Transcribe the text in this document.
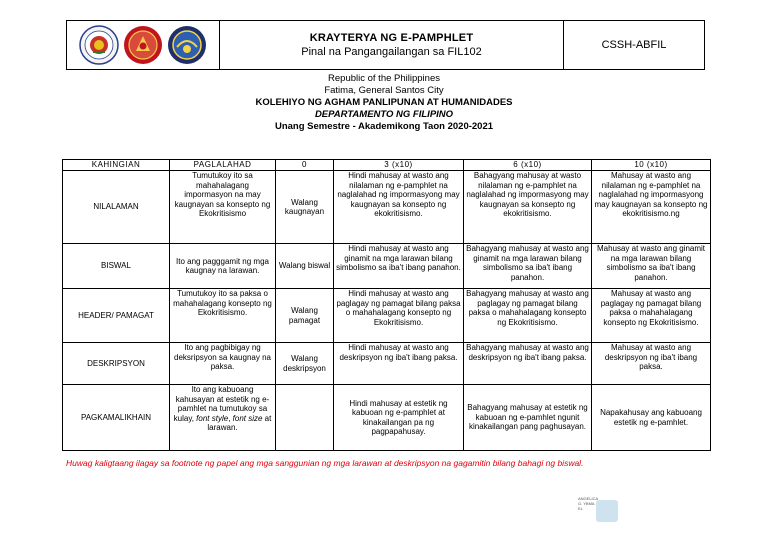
KRAYTERYA NG E-PAMPHLET
Pinal na Pangangailangan sa FIL102
CSSH-ABFIL
Republic of the Philippines
Fatima, General Santos City
KOLEHIYO NG AGHAM PANLIPUNAN AT HUMANIDADES
DEPARTAMENTO NG FILIPINO
Unang Semestre - Akademikong Taon 2020-2021
KAHINGIAN	PAGLALAHAD	0	3 (x10)	6 (x10)	10 (x10)
NILALAMAN	Tumutukoy ito sa mahahalagang impormasyon na may kaugnayan sa konsepto ng Ekokritisismo	Walang kaugnayan	Hindi mahusay at wasto ang nilalaman ng e-pamphlet na naglalahad ng impormasyong may kaugnayan sa konsepto ng ekokritisismo.	Bahagyang mahusay at wasto nilalaman ng e-pamphlet na naglalahad ng impormasyong may kaugnayan sa konsepto ng ekokritisismo.	Mahusay at wasto ang nilalaman ng e-pamphlet na naglalahad ng impormasyong may kaugnayan sa konsepto ng ekokritisismo.ng
BISWAL	Ito ang pagggamit ng mga kaugnay na larawan.	Walang biswal	Hindi mahusay at wasto ang ginamit na mga larawan bilang simbolismo sa iba't ibang panahon.	Bahagyang mahusay at wasto ang ginamit na mga larawan bilang simbolismo sa iba't ibang panahon.	Mahusay at wasto ang ginamit na mga larawan bilang simbolismo sa iba't ibang panahon.
HEADER/ PAMAGAT	Tumutukoy ito sa paksa o mahahalagang konsepto ng Ekokritisismo.	Walang pamagat	Hindi mahusay at wasto ang paglagay ng pamagat bilang paksa o mahahalagang konsepto ng Ekokritisismo.	Bahagyang mahusay at wasto ang paglagay ng pamagat bilang paksa o mahahalagang konsepto ng Ekokritisismo.	Mahusay at wasto ang paglagay ng pamagat bilang paksa o mahahalagang konsepto ng Ekokritisismo.
DESKRIPSYON	Ito ang pagbibigay ng deksripsyon sa kaugnay na paksa.	Walang deskripsyon	Hindi mahusay at wasto ang deskripsyon ng iba't ibang paksa.	Bahagyang mahusay at wasto ang deskripsyon ng iba't ibang paksa.	Mahusay at wasto ang deskripsyon ng iba't ibang paksa.
PAGKAMALIKHAIN	Ito ang kabuoang kahusayan at estetik ng e-pamhlet na tumutukoy sa kulay, font style, font size at larawan.		Hindi mahusay at estetik ng kabuoan ng e-pamphlet at kinakailangan pa ng pagpapahusay.	Bahagyang mahusay at estetik ng kabuoan ng e-pamhlet ngunit kinakailangan pang paghusayan.	Napakahusay ang kabuoang estetik ng e-pamhlet.
Huwag kaligtaang ilagay sa footnote ng papel ang mga sanggunian ng mga larawan at deskripsyon na gagamitin bilang bahagi ng biswal.
ANGELICA
G. YBMA
EL
